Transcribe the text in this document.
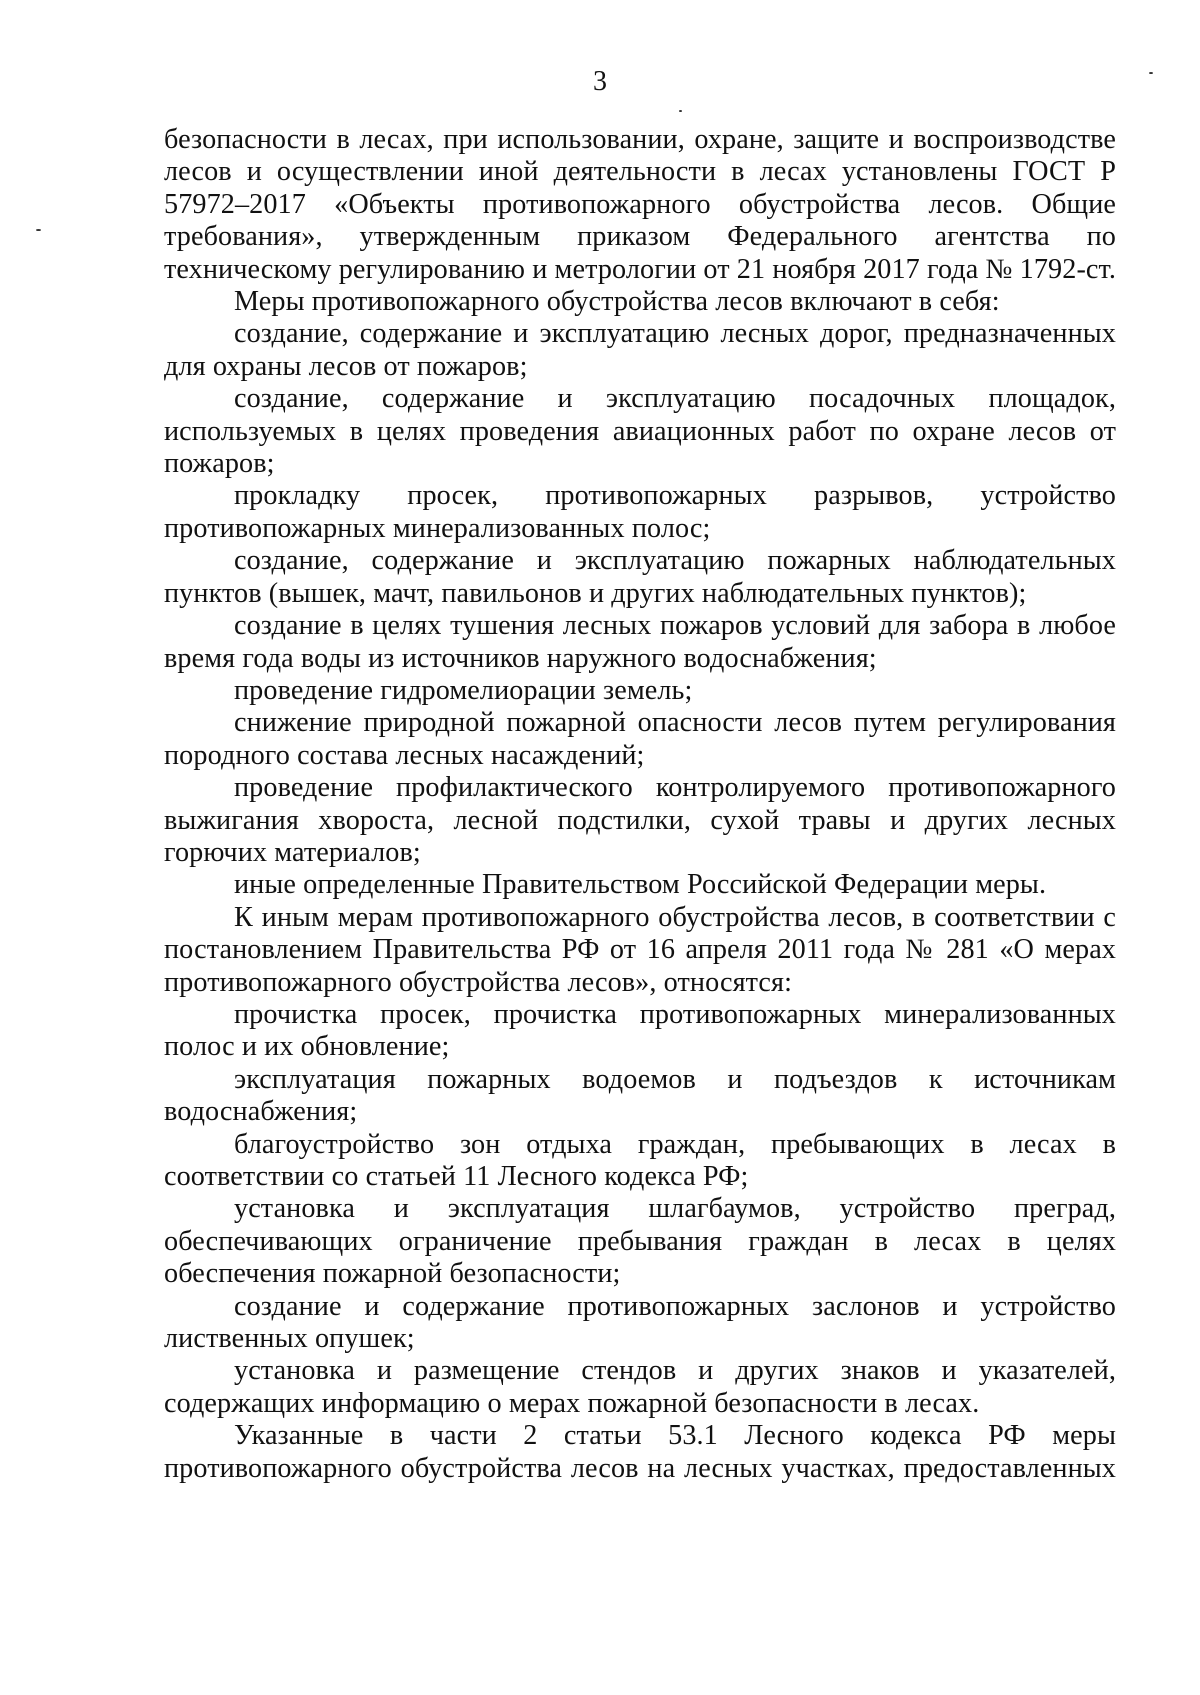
3

безопасности в лесах, при использовании, охране, защите и воспроизводстве лесов и осуществлении иной деятельности в лесах установлены ГОСТ Р 57972–2017 «Объекты противопожарного обустройства лесов. Общие требования», утвержденным приказом Федерального агентства по техническому регулированию и метрологии от 21 ноября 2017 года № 1792-ст.

Меры противопожарного обустройства лесов включают в себя:

создание, содержание и эксплуатацию лесных дорог, предназначенных для охраны лесов от пожаров;

создание, содержание и эксплуатацию посадочных площадок, используемых в целях проведения авиационных работ по охране лесов от пожаров;

прокладку просек, противопожарных разрывов, устройство противопожарных минерализованных полос;

создание, содержание и эксплуатацию пожарных наблюдательных пунктов (вышек, мачт, павильонов и других наблюдательных пунктов);

создание в целях тушения лесных пожаров условий для забора в любое время года воды из источников наружного водоснабжения;

проведение гидромелиорации земель;

снижение природной пожарной опасности лесов путем регулирования породного состава лесных насаждений;

проведение профилактического контролируемого противопожарного выжигания хвороста, лесной подстилки, сухой травы и других лесных горючих материалов;

иные определенные Правительством Российской Федерации меры.

К иным мерам противопожарного обустройства лесов, в соответствии с постановлением Правительства РФ от 16 апреля 2011 года № 281 «О мерах противопожарного обустройства лесов», относятся:

прочистка просек, прочистка противопожарных минерализованных полос и их обновление;

эксплуатация пожарных водоемов и подъездов к источникам водоснабжения;

благоустройство зон отдыха граждан, пребывающих в лесах в соответствии со статьей 11 Лесного кодекса РФ;

установка и эксплуатация шлагбаумов, устройство преград, обеспечивающих ограничение пребывания граждан в лесах в целях обеспечения пожарной безопасности;

создание и содержание противопожарных заслонов и устройство лиственных опушек;

установка и размещение стендов и других знаков и указателей, содержащих информацию о мерах пожарной безопасности в лесах.

Указанные в части 2 статьи 53.1 Лесного кодекса РФ меры противопожарного обустройства лесов на лесных участках, предоставленных
